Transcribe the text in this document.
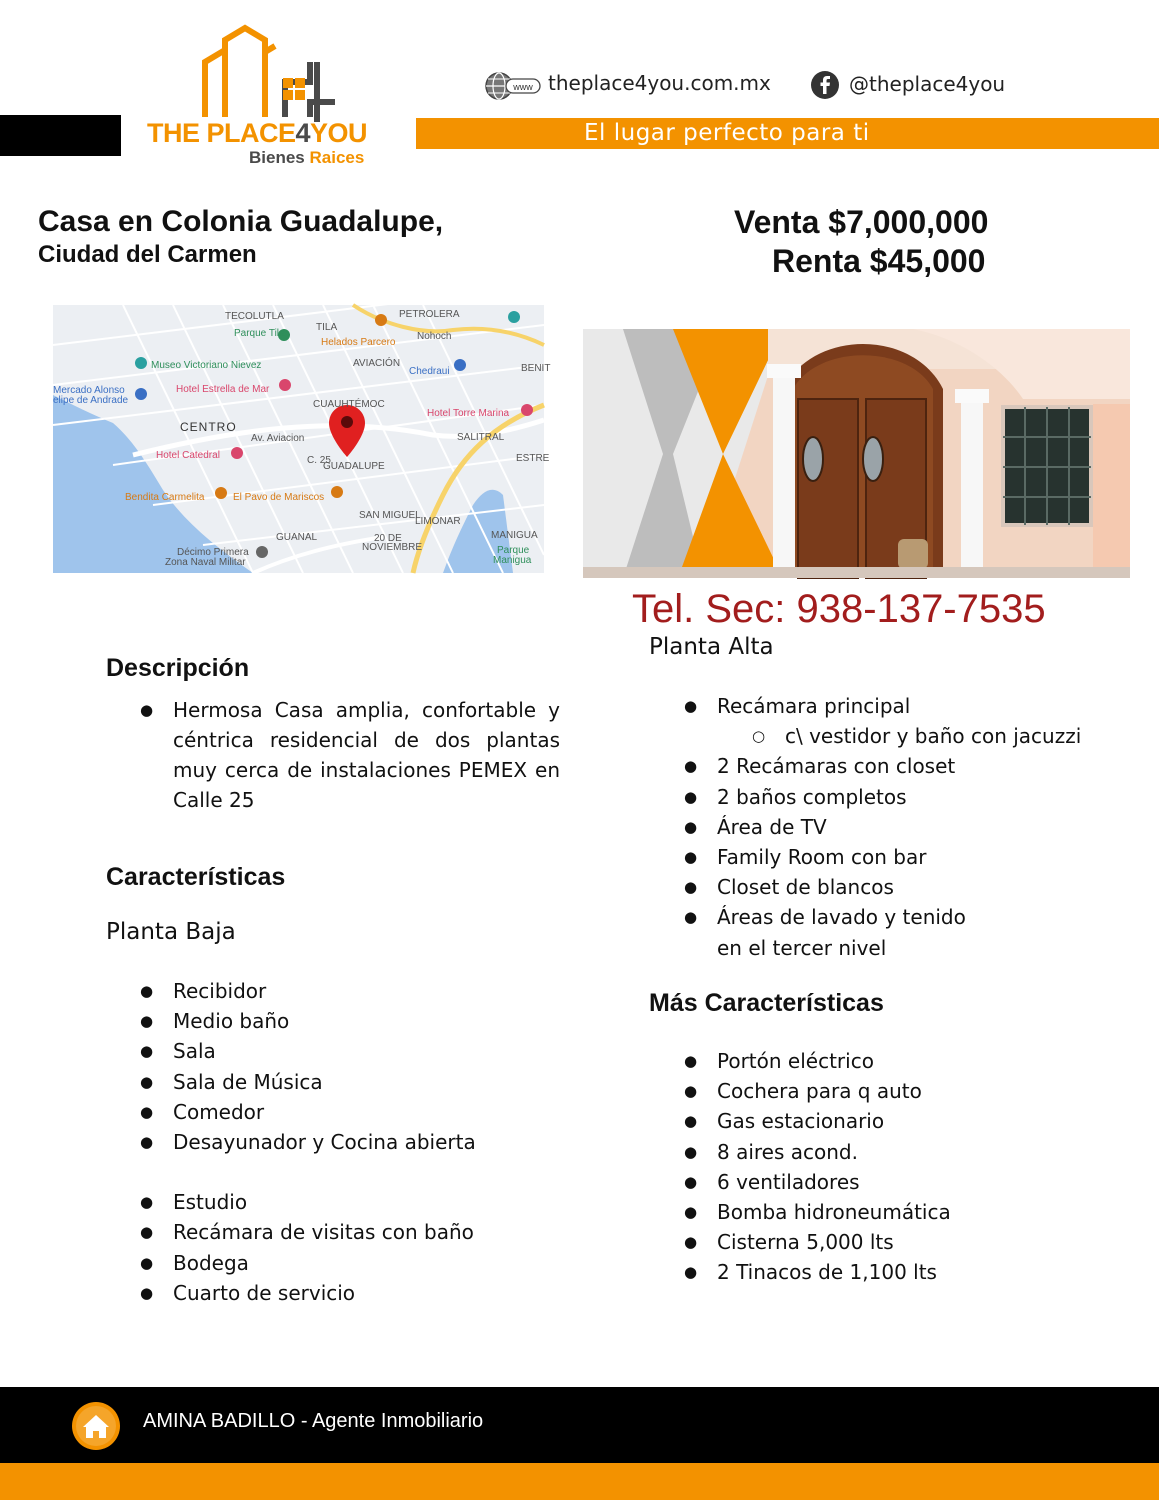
El lugar perfecto para ti
THE PLACE4YOU
Bienes Raices
www theplace4you.com.mx	@theplace4you
Casa en Colonia Guadalupe,
Ciudad del Carmen
Venta $7,000,000
Renta $45,000
TECOLUTLA
Parque Tila
TILA
Helados Parcero
PETROLERA
Nohoch
Museo Victoriano Nievez	AVIACIÓN
Chedraui	BENIT
Mercado Alonso
elipe de Andrade
Hotel Estrella de Mar
CUAUHTÉMOC
Hotel Torre Marina
CENTRO
Av. Aviacion	SALITRAL
Hotel Catedral
GUADALUPE
ESTRE
Bendita Carmelita	El Pavo de Mariscos
SAN MIGUEL
LIMONAR
GUANAL	MANIGUA
Parque
Manigua
Décimo Primera
Zona Naval Militar
20 DE
NOVIEMBRE
C. 25
Tel. Sec: 938-137-7535
Descripción
● Hermosa Casa amplia, confortable y céntrica residencial de dos plantas muy cerca de instalaciones PEMEX en Calle 25

Características
Planta Baja
● Recibidor
● Medio baño
● Sala
● Sala de Música
● Comedor
● Desayunador y Cocina abierta
● Estudio
● Recámara de visitas con baño
● Bodega
● Cuarto de servicio
Planta Alta
● Recámara principal
○ c\ vestidor y baño con jacuzzi
● 2 Recámaras con closet
● 2 baños completos
● Área de TV
● Family Room con bar
● Closet de blancos
● Áreas de lavado y tenido
en el tercer nivel
Más Características
● Portón eléctrico
● Cochera para q auto
● Gas estacionario
● 8 aires acond.
● 6 ventiladores
● Bomba hidroneumática
● Cisterna 5,000 lts
● 2 Tinacos de 1,100 lts
AMINA BADILLO - Agente Inmobiliario
